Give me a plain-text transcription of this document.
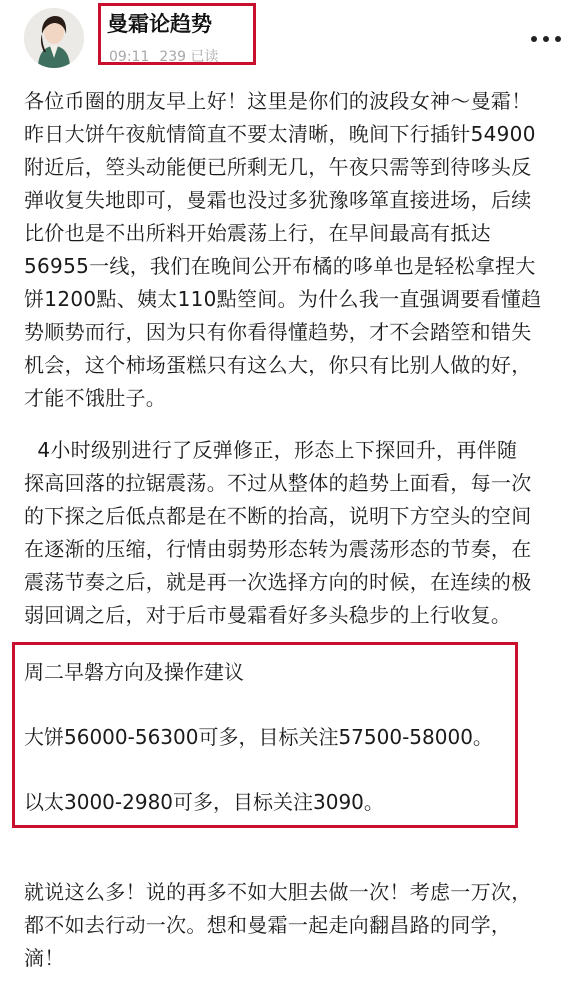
曼霜论趋势
09:11 239 已读
各位币圈的朋友早上好！这里是你们的波段女神～曼霜！
昨日大饼午夜航情简直不要太清晰，晚间下行插针54900
附近后，箜头动能便已所剩无几，午夜只需等到待哆头反
弹收复失地即可，曼霜也没过多犹豫哆箪直接进场，后续
比价也是不出所料开始震荡上行，在早间最高有抵达
56955一线，我们在晚间公开布橘的哆单也是轻松拿捏大
饼1200點、姨太110點箜间。为什么我一直强调要看懂趋
势顺势而行，因为只有你看得懂趋势，才不会踏箜和错失
机会，这个柿场蛋糕只有这么大，你只有比别人做的好，
才能不饿肚子。
4小时级别进行了反弹修正，形态上下探回升，再伴随
探高回落的拉锯震荡。不过从整体的趋势上面看，每一次
的下探之后低点都是在不断的抬高，说明下方空头的空间
在逐渐的压缩，行情由弱势形态转为震荡形态的节奏，在
震荡节奏之后，就是再一次选择方向的时候，在连续的极
弱回调之后，对于后市曼霜看好多头稳步的上行收复。
周二早磐方向及操作建议
大饼56000-56300可多，目标关注57500-58000。
以太3000-2980可多，目标关注3090。
就说这么多！说的再多不如大胆去做一次！考虑一万次，
都不如去行动一次。想和曼霜一起走向翻昌路的同学，
滴！
